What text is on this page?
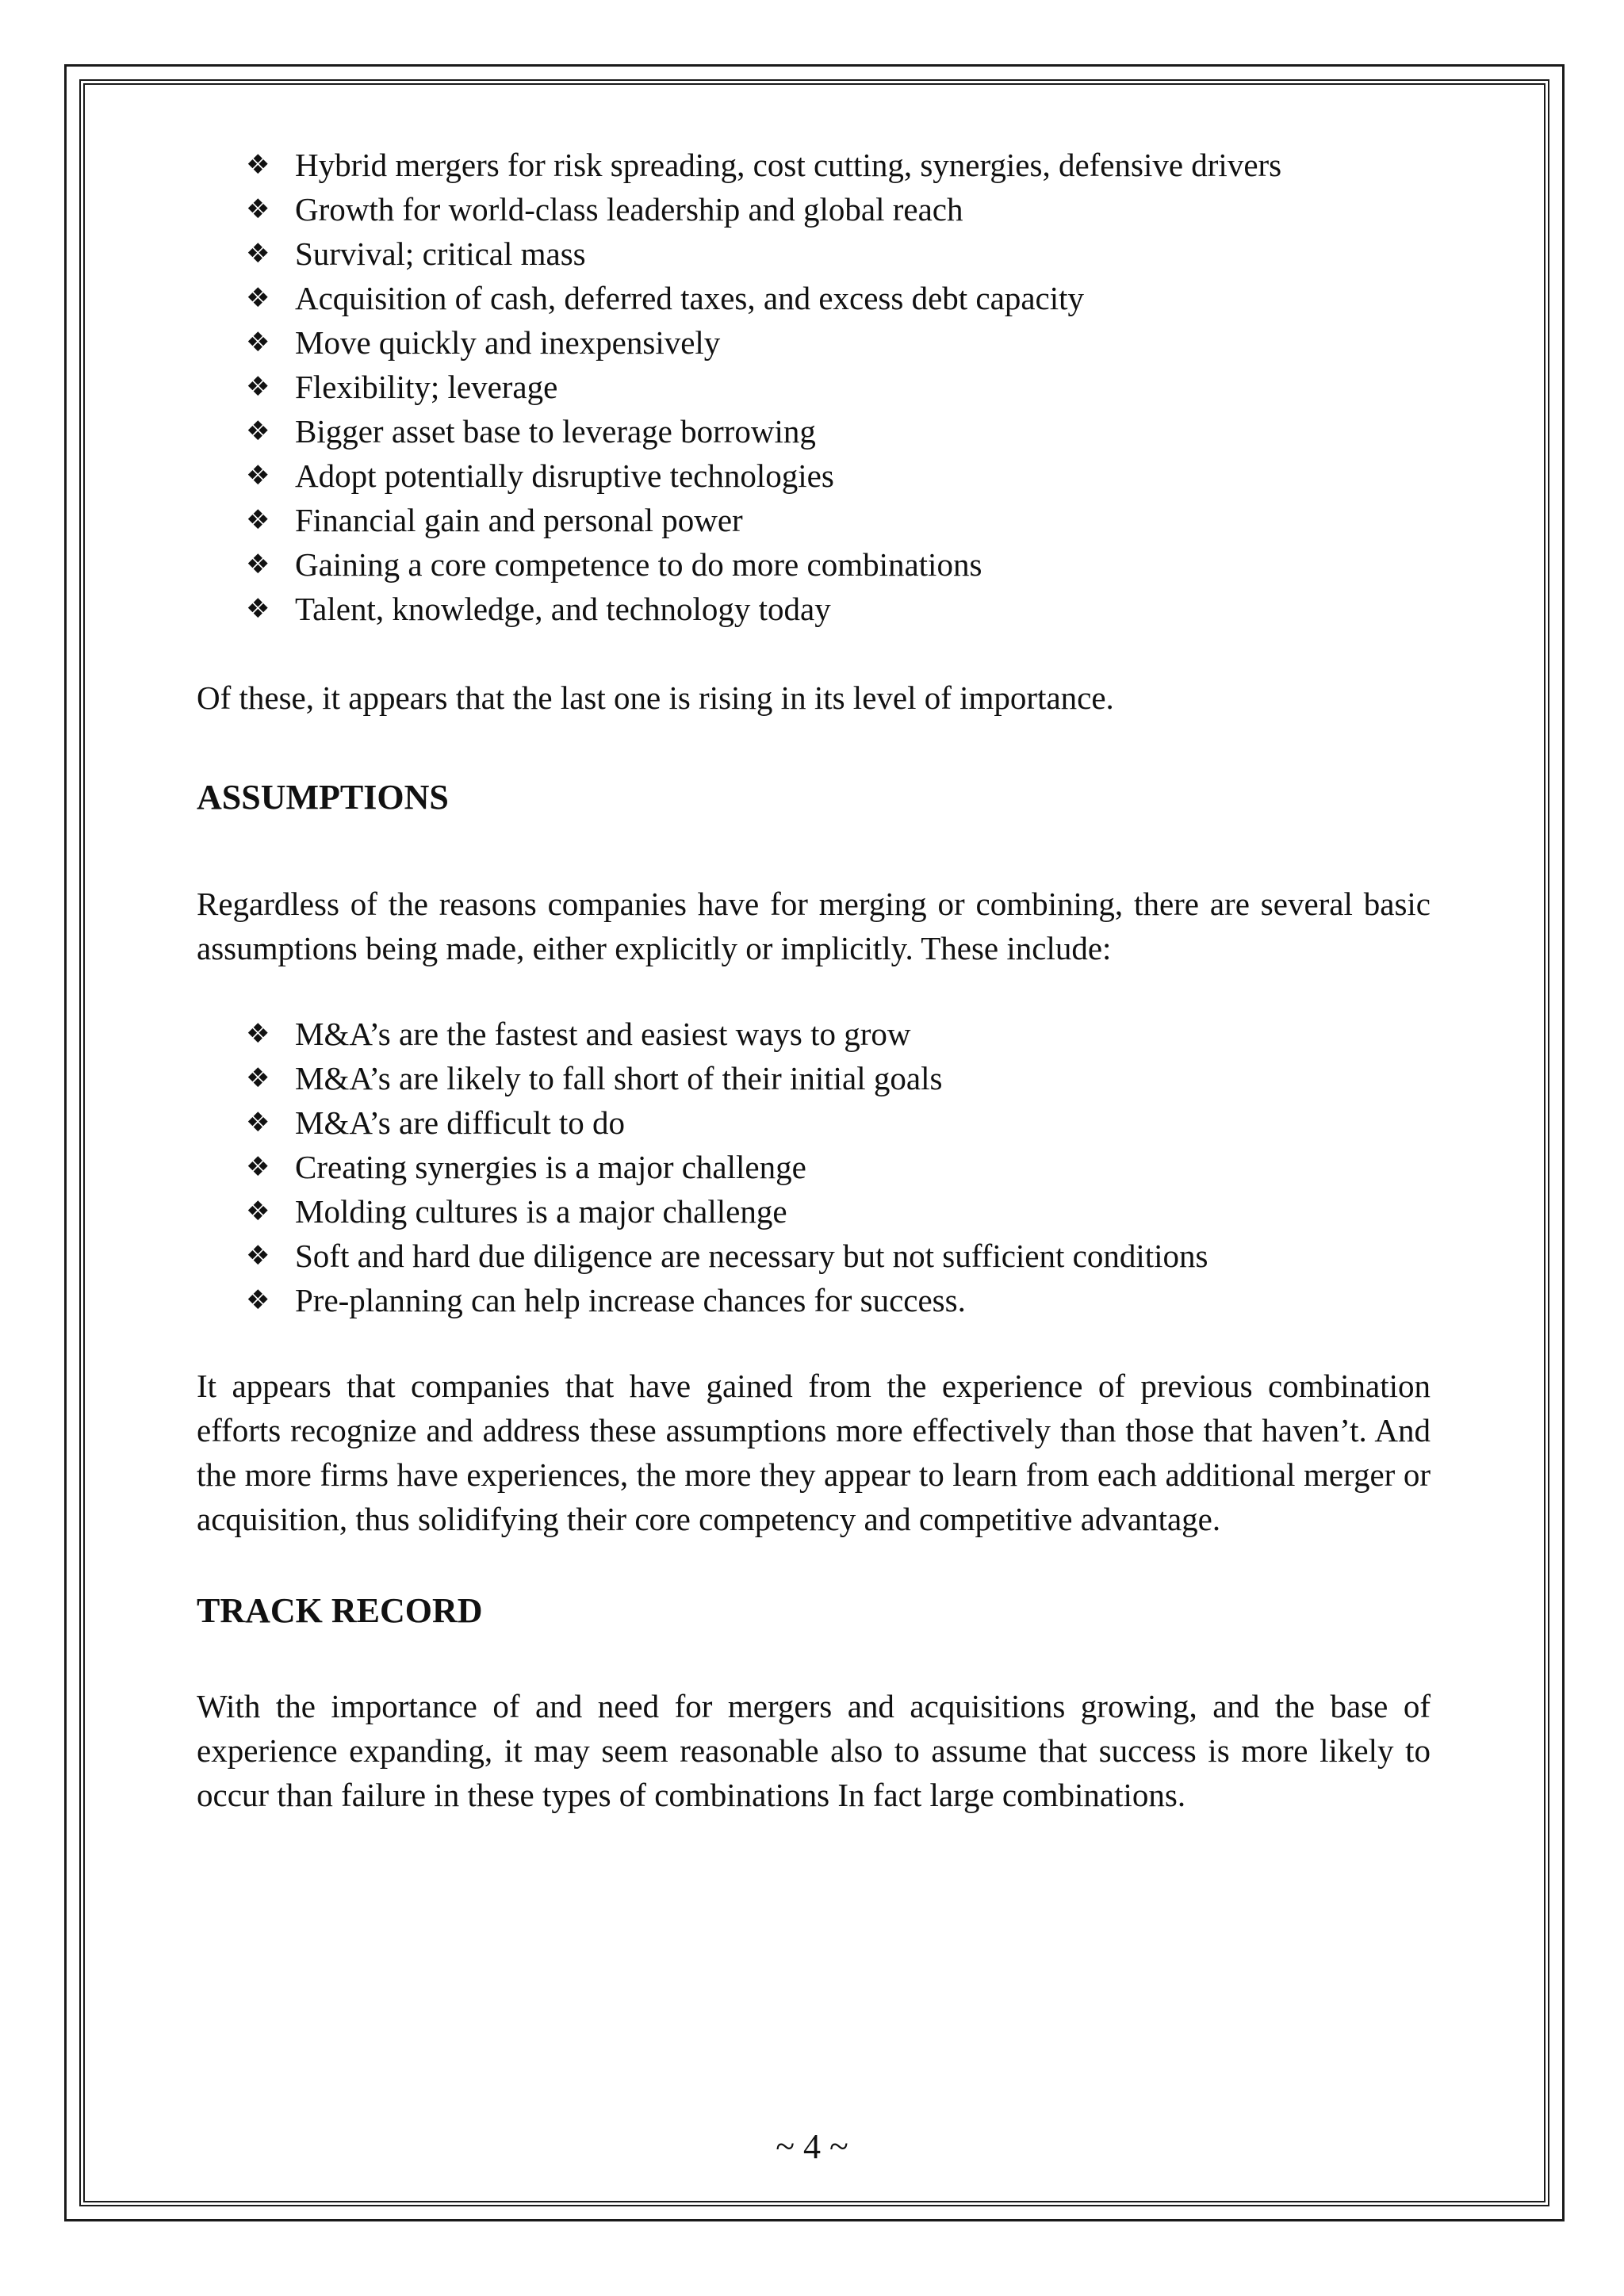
❖ Hybrid mergers for risk spreading, cost cutting, synergies, defensive drivers
❖ Growth for world-class leadership and global reach
❖ Survival; critical mass
❖ Acquisition of cash, deferred taxes, and excess debt capacity
❖ Move quickly and inexpensively
❖ Flexibility; leverage
❖ Bigger asset base to leverage borrowing
❖ Adopt potentially disruptive technologies
❖ Financial gain and personal power
❖ Gaining a core competence to do more combinations
❖ Talent, knowledge, and technology today

Of these, it appears that the last one is rising in its level of importance.

ASSUMPTIONS

Regardless of the reasons companies have for merging or combining, there are several basic assumptions being made, either explicitly or implicitly. These include:

❖ M&A’s are the fastest and easiest ways to grow
❖ M&A’s are likely to fall short of their initial goals
❖ M&A’s are difficult to do
❖ Creating synergies is a major challenge
❖ Molding cultures is a major challenge
❖ Soft and hard due diligence are necessary but not sufficient conditions
❖ Pre-planning can help increase chances for success.

It appears that companies that have gained from the experience of previous combination efforts recognize and address these assumptions more effectively than those that haven’t. And the more firms have experiences, the more they appear to learn from each additional merger or acquisition, thus solidifying their core competency and competitive advantage.

TRACK RECORD

With the importance of and need for mergers and acquisitions growing, and the base of experience expanding, it may seem reasonable also to assume that success is more likely to occur than failure in these types of combinations In fact large combinations.

~ 4 ~
